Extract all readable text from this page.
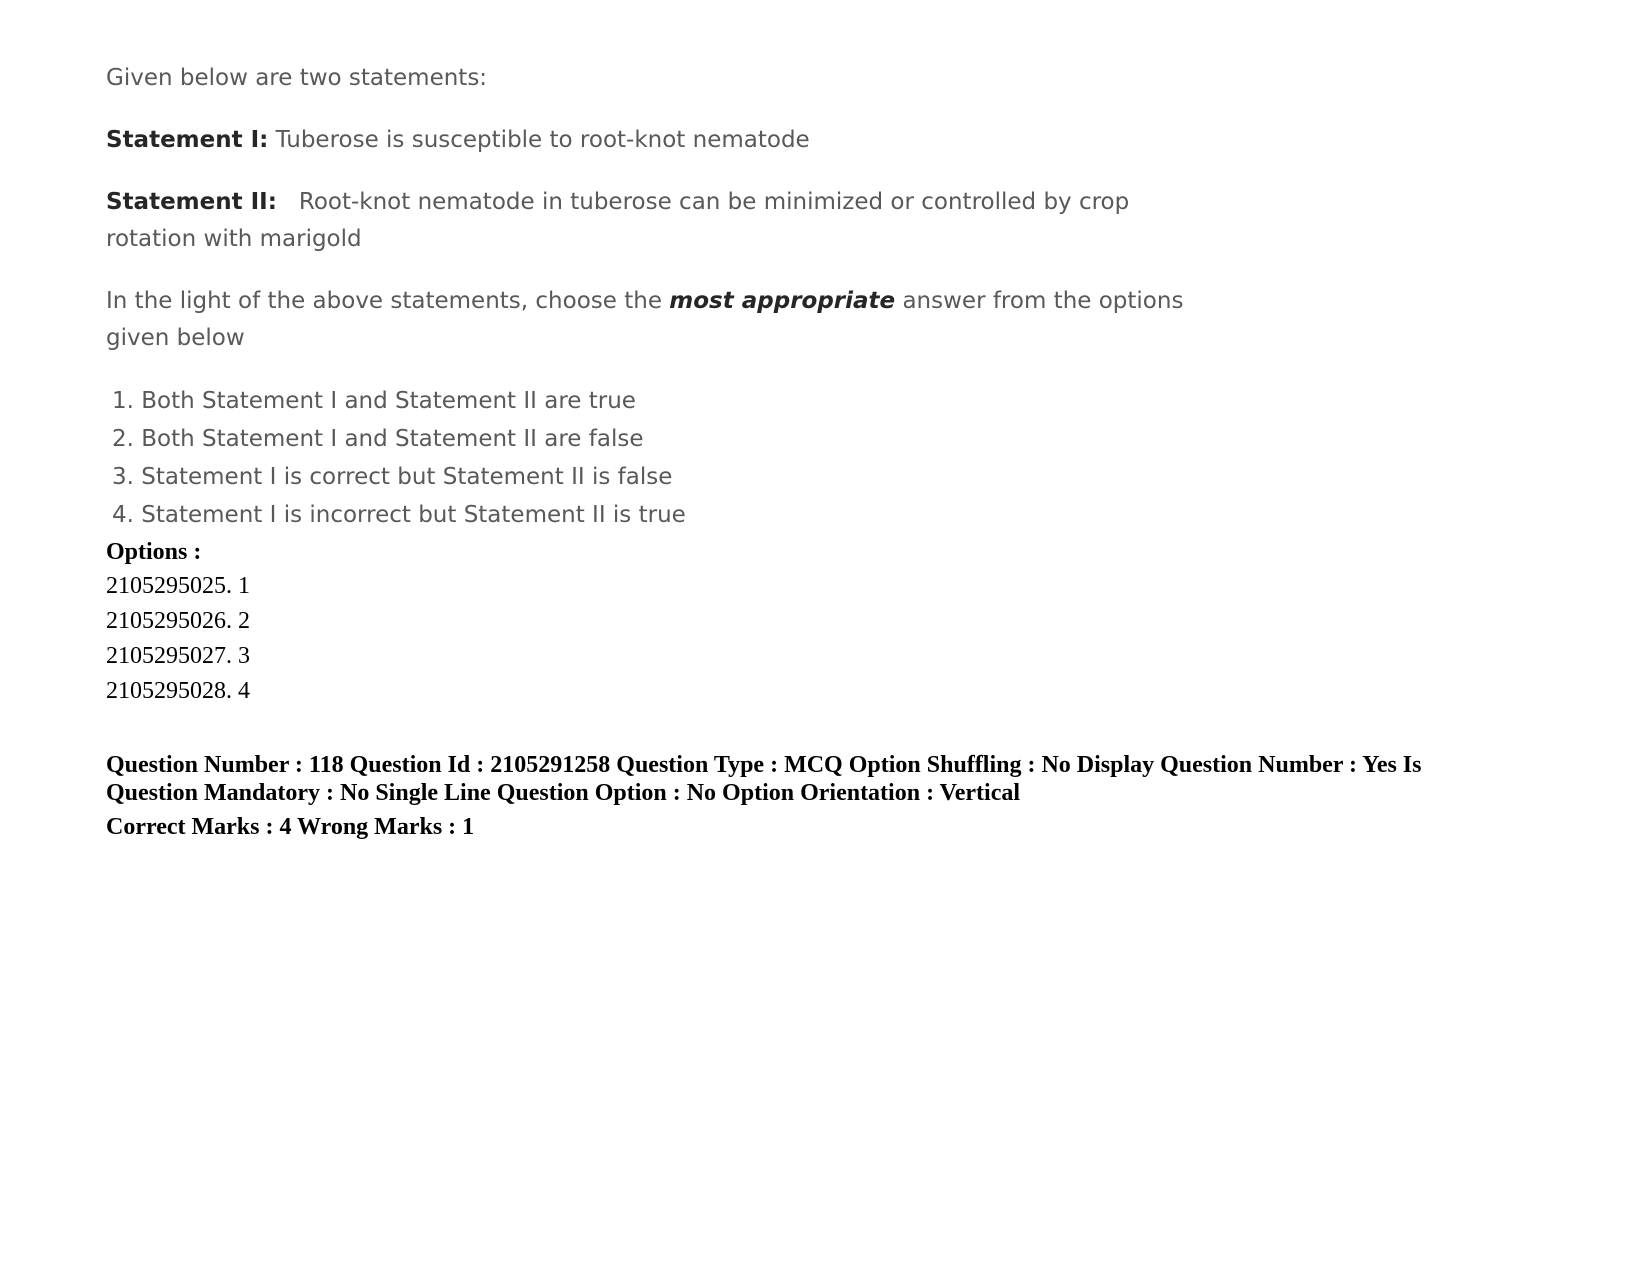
Given below are two statements:

Statement I: Tuberose is susceptible to root-knot nematode

Statement II:   Root-knot nematode in tuberose can be minimized or controlled by crop

rotation with marigold

In the light of the above statements, choose the most appropriate answer from the options

given below

1. Both Statement I and Statement II are true
2. Both Statement I and Statement II are false
3. Statement I is correct but Statement II is false
4. Statement I is incorrect but Statement II is true
Options :
2105295025. 1
2105295026. 2
2105295027. 3
2105295028. 4
Question Number : 118 Question Id : 2105291258 Question Type : MCQ Option Shuffling : No Display Question Number : Yes Is
Question Mandatory : No Single Line Question Option : No Option Orientation : Vertical
Correct Marks : 4 Wrong Marks : 1
